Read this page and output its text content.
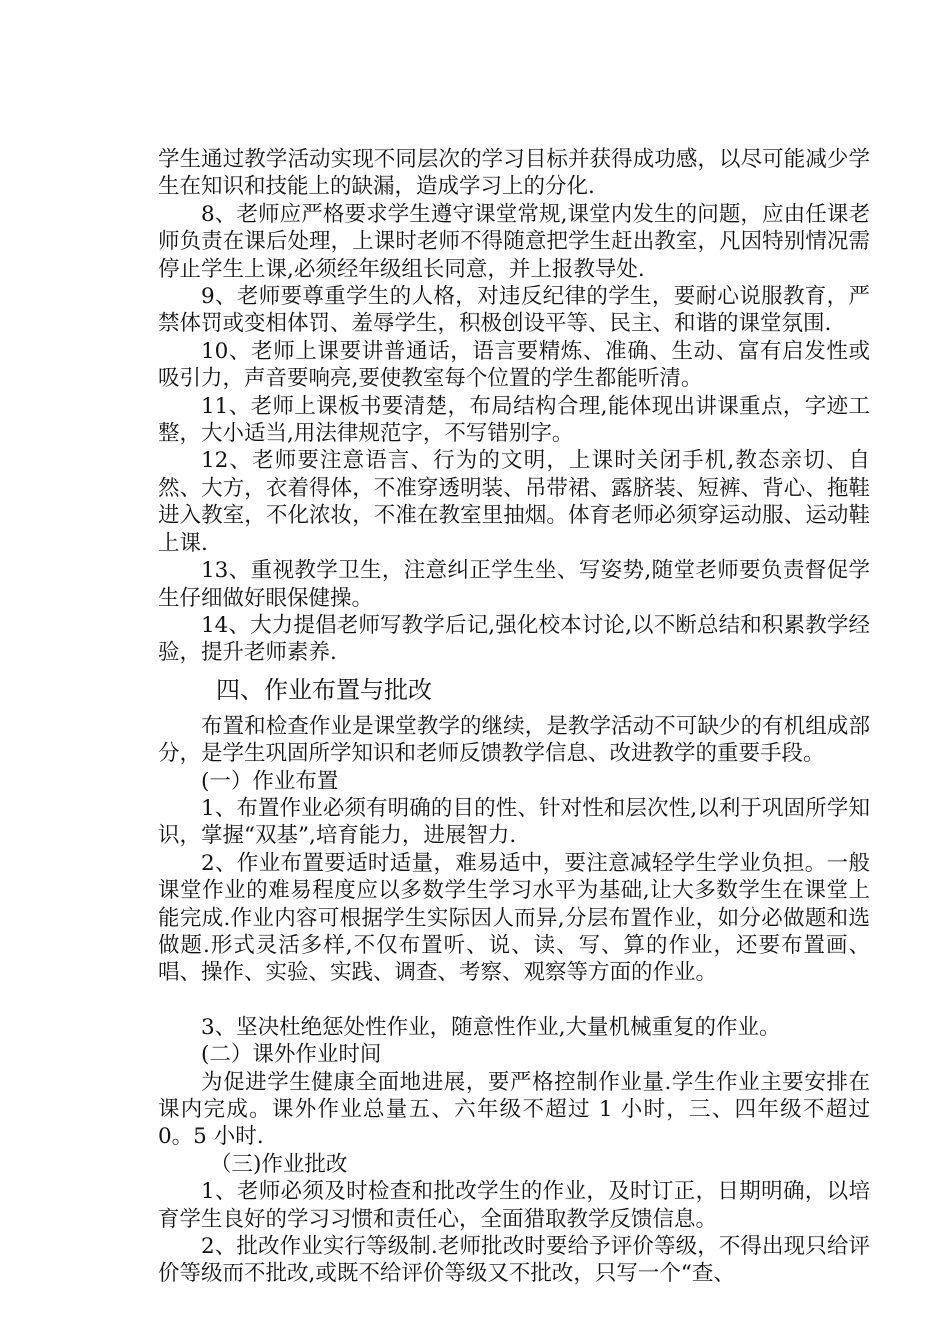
学生通过教学活动实现不同层次的学习目标并获得成功感，以尽可能减少学生在知识和技能上的缺漏，造成学习上的分化.

8、老师应严格要求学生遵守课堂常规,课堂内发生的问题，应由任课老师负责在课后处理，上课时老师不得随意把学生赶出教室，凡因特别情况需停止学生上课,必须经年级组长同意，并上报教导处.

9、老师要尊重学生的人格，对违反纪律的学生，要耐心说服教育，严禁体罚或变相体罚、羞辱学生，积极创设平等、民主、和谐的课堂氛围.

10、老师上课要讲普通话，语言要精炼、准确、生动、富有启发性或吸引力，声音要响亮,要使教室每个位置的学生都能听清。

11、老师上课板书要清楚，布局结构合理,能体现出讲课重点，字迹工整，大小适当,用法律规范字，不写错别字。

12、老师要注意语言、行为的文明，上课时关闭手机,教态亲切、自然、大方，衣着得体，不准穿透明装、吊带裙、露脐装、短裤、背心、拖鞋进入教室，不化浓妆，不准在教室里抽烟。体育老师必须穿运动服、运动鞋上课.

13、重视教学卫生，注意纠正学生坐、写姿势,随堂老师要负责督促学生仔细做好眼保健操。

14、大力提倡老师写教学后记,强化校本讨论,以不断总结和积累教学经验，提升老师素养.

四、作业布置与批改

布置和检查作业是课堂教学的继续，是教学活动不可缺少的有机组成部分，是学生巩固所学知识和老师反馈教学信息、改进教学的重要手段。

(一）作业布置

1、布置作业必须有明确的目的性、针对性和层次性,以利于巩固所学知识，掌握“双基”,培育能力，进展智力.

2、作业布置要适时适量，难易适中，要注意减轻学生学业负担。一般课堂作业的难易程度应以多数学生学习水平为基础,让大多数学生在课堂上能完成.作业内容可根据学生实际因人而异,分层布置作业，如分必做题和选做题.形式灵活多样,不仅布置听、说、读、写、算的作业，还要布置画、唱、操作、实验、实践、调查、考察、观察等方面的作业。

3、坚决杜绝惩处性作业，随意性作业,大量机械重复的作业。

(二）课外作业时间

为促进学生健康全面地进展，要严格控制作业量.学生作业主要安排在课内完成。课外作业总量五、六年级不超过 1 小时，三、四年级不超过 0。5 小时.

（三)作业批改

1、老师必须及时检查和批改学生的作业，及时订正，日期明确，以培育学生良好的学习习惯和责任心，全面猎取教学反馈信息。

2、批改作业实行等级制.老师批改时要给予评价等级，不得出现只给评价等级而不批改,或既不给评价等级又不批改，只写一个“查、
